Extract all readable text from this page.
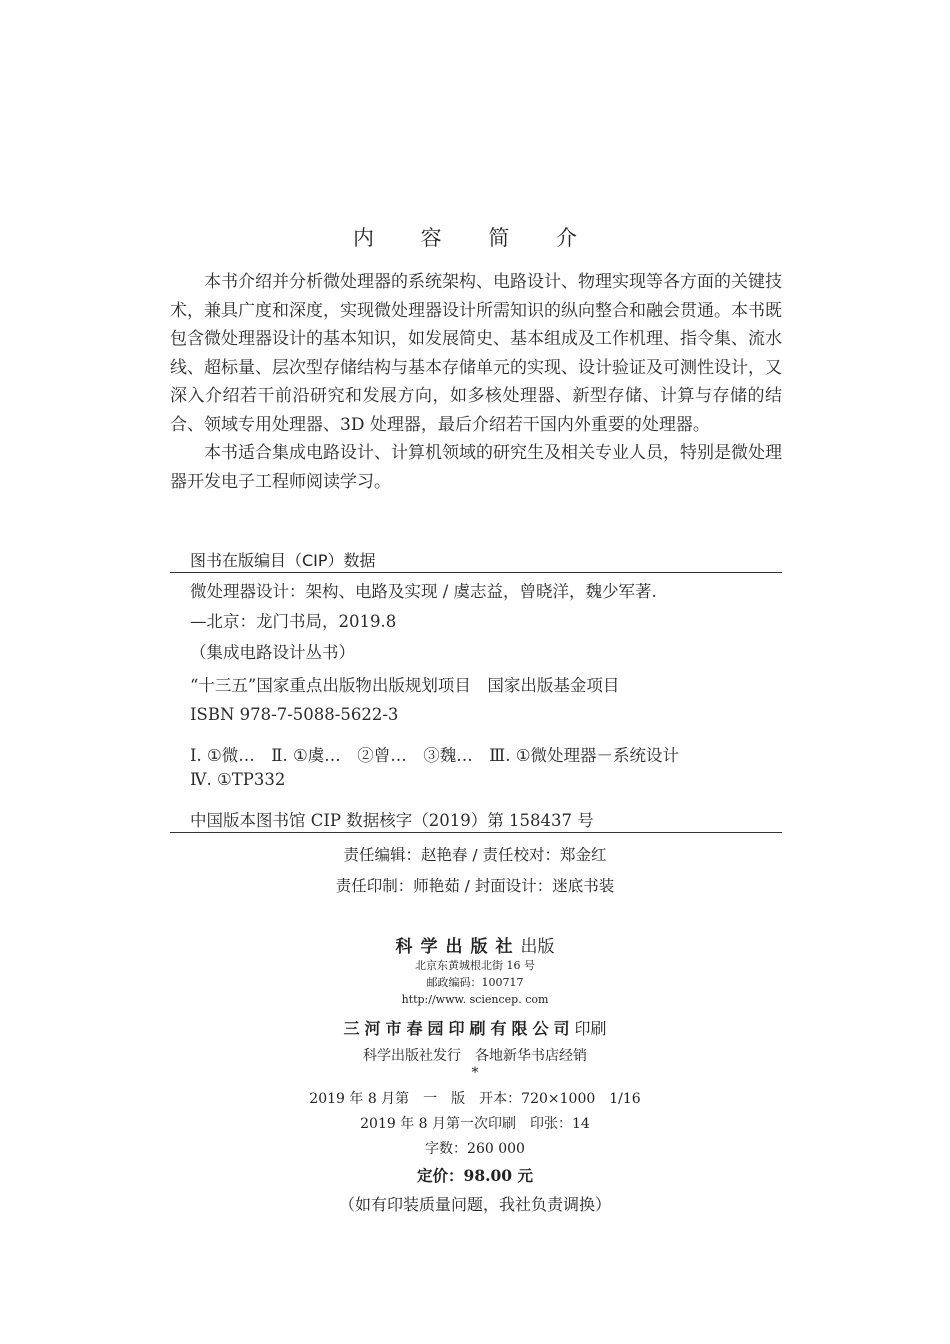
内 容 简 介

本书介绍并分析微处理器的系统架构、电路设计、物理实现等各方面的关键技术，兼具广度和深度，实现微处理器设计所需知识的纵向整合和融会贯通。本书既包含微处理器设计的基本知识，如发展简史、基本组成及工作机理、指令集、流水线、超标量、层次型存储结构与基本存储单元的实现、设计验证及可测性设计，又深入介绍若干前沿研究和发展方向，如多核处理器、新型存储、计算与存储的结合、领域专用处理器、3D 处理器，最后介绍若干国内外重要的处理器。

本书适合集成电路设计、计算机领域的研究生及相关专业人员，特别是微处理器开发电子工程师阅读学习。

图书在版编目（CIP）数据
微处理器设计：架构、电路及实现 / 虞志益，曾晓洋，魏少军著.
—北京：龙门书局，2019.8
（集成电路设计丛书）
“十三五”国家重点出版物出版规划项目　国家出版基金项目
ISBN 978-7-5088-5622-3
Ⅰ. ①微…　Ⅱ. ①虞…　②曾…　③魏…　Ⅲ. ①微处理器－系统设计
Ⅳ. ①TP332
中国版本图书馆 CIP 数据核字（2019）第 158437 号
责任编辑：赵艳春 / 责任校对：郑金红
责任印制：师艳茹 / 封面设计：迷底书装
科学出版社出版
北京东黄城根北街 16 号
邮政编码：100717
http://www. sciencep. com
三河市春园印刷有限公司印刷
科学出版社发行　各地新华书店经销
*
2019 年 8 月第　一　版　开本：720×1000　1/16
2019 年 8 月第一次印刷　印张：14
字数：260 000
定价：98.00 元
（如有印装质量问题，我社负责调换）
